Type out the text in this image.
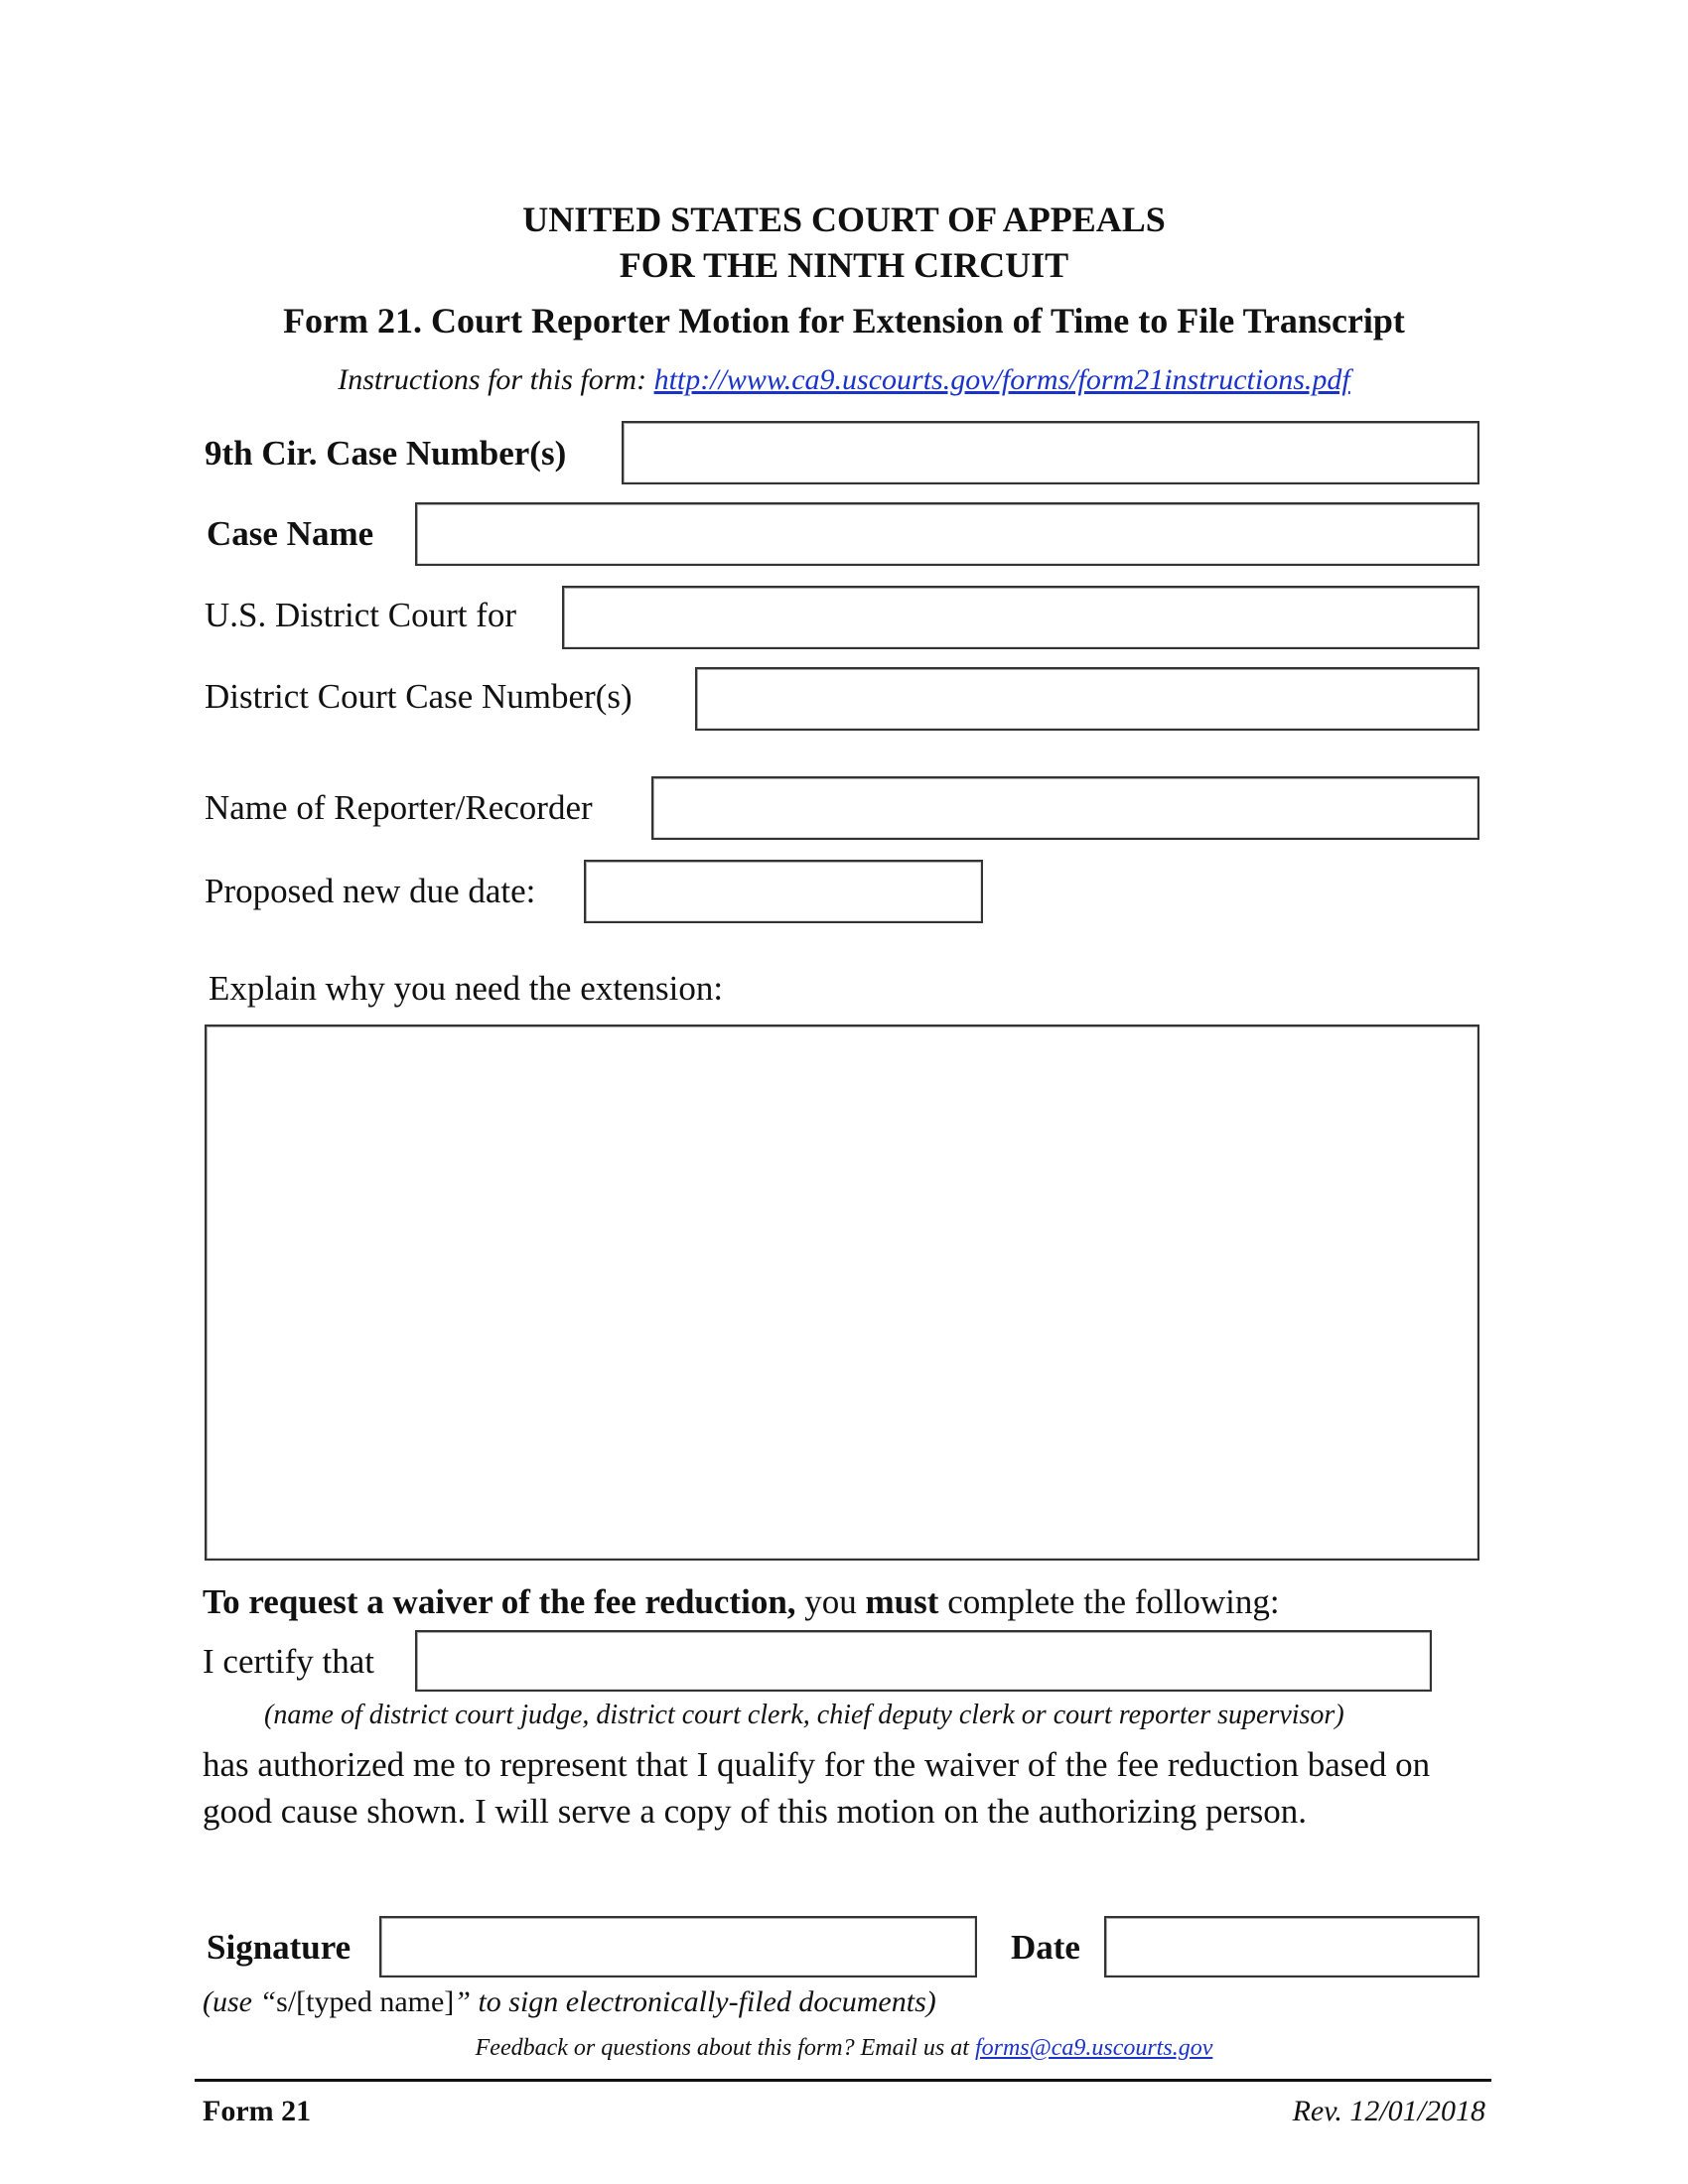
UNITED STATES COURT OF APPEALS
FOR THE NINTH CIRCUIT
Form 21. Court Reporter Motion for Extension of Time to File Transcript
Instructions for this form: http://www.ca9.uscourts.gov/forms/form21instructions.pdf
9th Cir. Case Number(s)
Case Name
U.S. District Court for
District Court Case Number(s)
Name of Reporter/Recorder
Proposed new due date:
Explain why you need the extension:
To request a waiver of the fee reduction, you must complete the following:
I certify that
(name of district court judge, district court clerk, chief deputy clerk or court reporter supervisor)
has authorized me to represent that I qualify for the waiver of the fee reduction based on good cause shown. I will serve a copy of this motion on the authorizing person.
Signature	Date
(use “s/[typed name]” to sign electronically-filed documents)
Feedback or questions about this form? Email us at forms@ca9.uscourts.gov
Form 21	Rev. 12/01/2018
